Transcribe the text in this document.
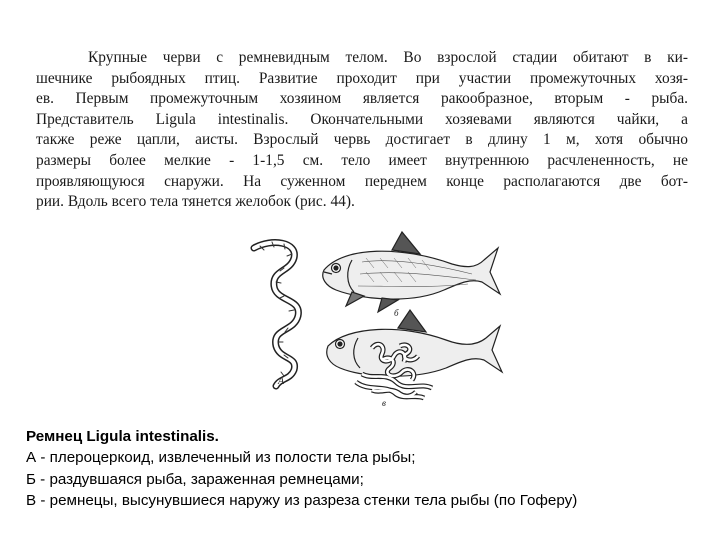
Крупные черви с ремневидным телом. Во взрослой стадии обитают в ки-
шечнике рыбоядных птиц. Развитие проходит при участии промежуточных хозя-
ев. Первым промежуточным хозяином является ракообразное, вторым - рыба.
Представитель Ligula intestinalis. Окончательными хозяевами являются чайки, а
также реже цапли, аисты. Взрослый червь достигает в длину 1 м, хотя обычно
размеры более мелкие - 1-1,5 см. тело имеет внутреннюю расчлененность, не
проявляющуюся снаружи. На суженном переднем конце располагаются две бот-
рии. Вдоль всего тела тянется желобок (рис. 44).
А
б
в
Ремнец Ligula intestinalis.
А - плероцеркоид, извлеченный из полости тела рыбы;
Б - раздувшаяся рыба, зараженная ремнецами;
В - ремнецы, высунувшиеся наружу из разреза стенки тела рыбы (по Гоферу)
